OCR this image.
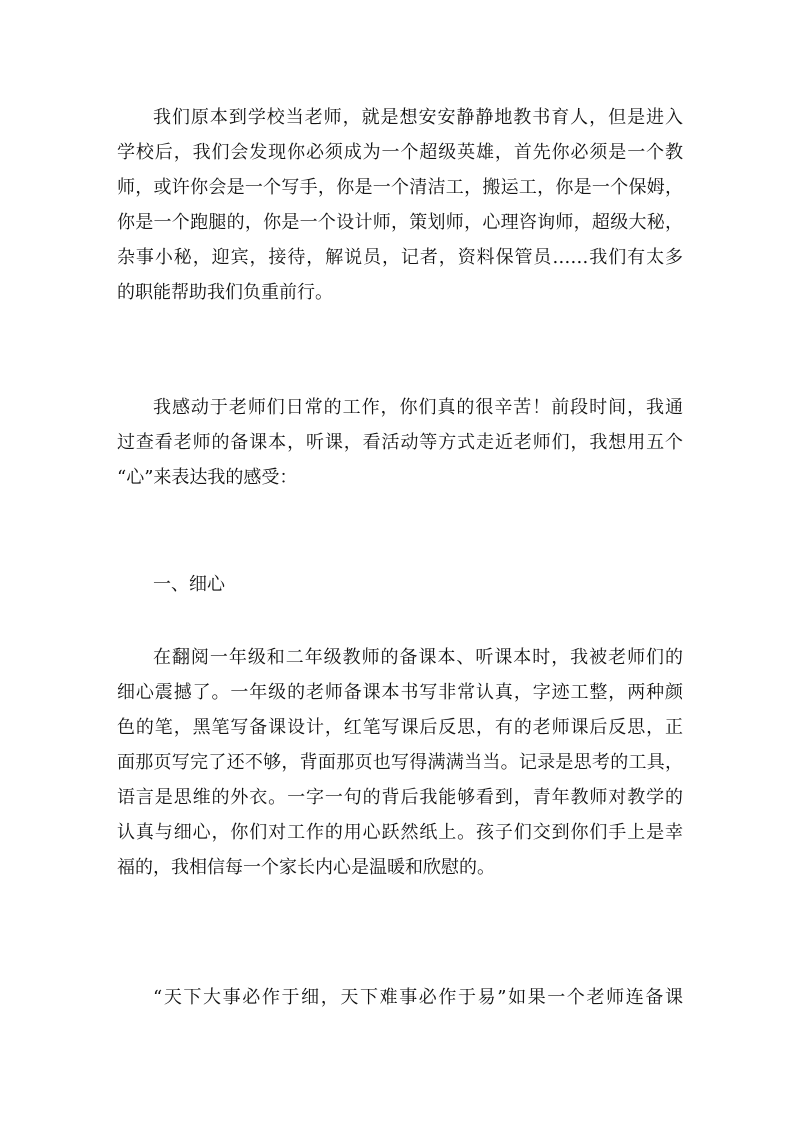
我们原本到学校当老师，就是想安安静静地教书育人，但是进入
学校后，我们会发现你必须成为一个超级英雄，首先你必须是一个教
师，或许你会是一个写手，你是一个清洁工，搬运工，你是一个保姆，
你是一个跑腿的，你是一个设计师，策划师，心理咨询师，超级大秘，
杂事小秘，迎宾，接待，解说员，记者，资料保管员……我们有太多
的职能帮助我们负重前行。

我感动于老师们日常的工作，你们真的很辛苦！前段时间，我通
过查看老师的备课本，听课，看活动等方式走近老师们，我想用五个
“心”来表达我的感受：

一、细心

在翻阅一年级和二年级教师的备课本、听课本时，我被老师们的
细心震撼了。一年级的老师备课本书写非常认真，字迹工整，两种颜
色的笔，黑笔写备课设计，红笔写课后反思，有的老师课后反思，正
面那页写完了还不够，背面那页也写得满满当当。记录是思考的工具，
语言是思维的外衣。一字一句的背后我能够看到，青年教师对教学的
认真与细心，你们对工作的用心跃然纸上。孩子们交到你们手上是幸
福的，我相信每一个家长内心是温暖和欣慰的。

“天下大事必作于细，天下难事必作于易”如果一个老师连备课
